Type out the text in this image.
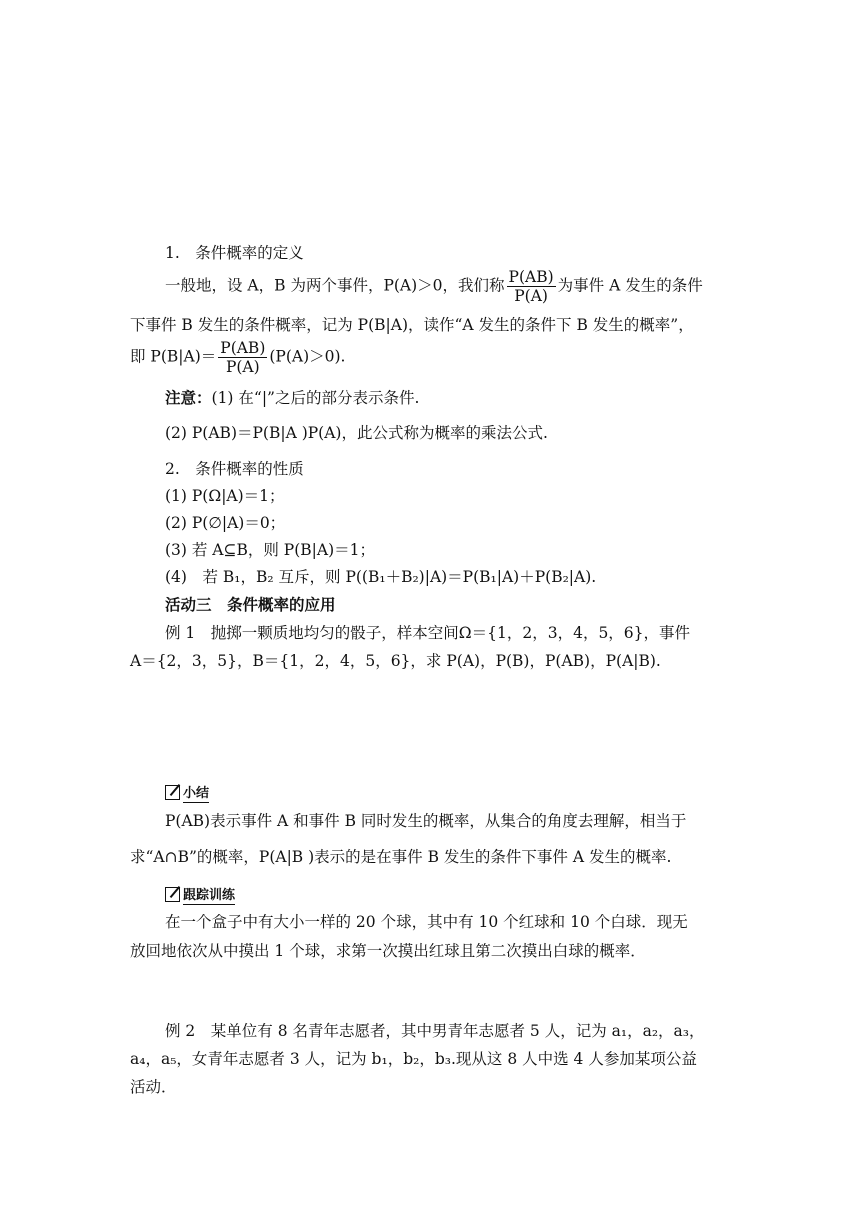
1.　条件概率的定义
一般地，设 A，B 为两个事件，P(A)＞0，我们称 $\frac{P(AB)}{P(A)}$ 为事件 A 发生的条件
下事件 B 发生的条件概率，记为 P(B|A)，读作“A 发生的条件下 B 发生的概率”，
即 $P(B|A)= \frac{P(AB)}{P(A)} (P(A)>0)$.
注意：(1) 在“|”之后的部分表示条件.
(2) P(AB)＝P(B|A )P(A)，此公式称为概率的乘法公式.
2.　条件概率的性质
(1) P(Ω|A)＝1；
(2) P(∅|A)＝0；
(3) 若 A⊆B，则 P(B|A)＝1；
(4)　若 B₁，B₂ 互斥，则 P((B₁＋B₂)|A)＝P(B₁|A)＋P(B₂|A).
活动三　条件概率的应用
例 1　抛掷一颗质地均匀的骰子，样本空间Ω＝{1，2，3，4，5，6}，事件
A＝{2，3，5}，B＝{1，2，4，5，6}，求 P(A)，P(B)，P(AB)，P(A|B).
小结
P(AB)表示事件 A 和事件 B 同时发生的概率，从集合的角度去理解，相当于
求“A∩B”的概率，P(A|B )表示的是在事件 B 发生的条件下事件 A 发生的概率.
跟踪训练
在一个盒子中有大小一样的 20 个球，其中有 10 个红球和 10 个白球．现无
放回地依次从中摸出 1 个球，求第一次摸出红球且第二次摸出白球的概率．
例 2　某单位有 8 名青年志愿者，其中男青年志愿者 5 人，记为 a₁，a₂，a₃，
a₄，a₅，女青年志愿者 3 人，记为 b₁，b₂，b₃.现从这 8 人中选 4 人参加某项公益
活动．
